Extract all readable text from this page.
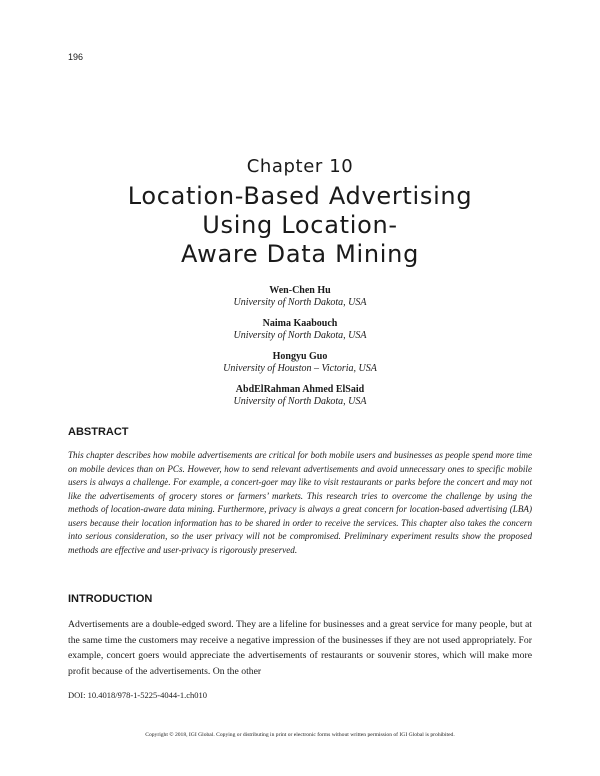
196
Chapter 10
Location-Based Advertising
Using Location-
Aware Data Mining
Wen-Chen Hu
University of North Dakota, USA
Naima Kaabouch
University of North Dakota, USA
Hongyu Guo
University of Houston – Victoria, USA
AbdElRahman Ahmed ElSaid
University of North Dakota, USA
ABSTRACT
This chapter describes how mobile advertisements are critical for both mobile users and businesses as people spend more time on mobile devices than on PCs. However, how to send relevant advertisements and avoid unnecessary ones to specific mobile users is always a challenge. For example, a concert-goer may like to visit restaurants or parks before the concert and may not like the advertisements of grocery stores or farmers’ markets. This research tries to overcome the challenge by using the methods of location-aware data mining. Furthermore, privacy is always a great concern for location-based advertising (LBA) users because their location information has to be shared in order to receive the services. This chapter also takes the concern into serious consideration, so the user privacy will not be compromised. Preliminary experiment results show the proposed methods are effective and user-privacy is rigorously preserved.
INTRODUCTION
Advertisements are a double-edged sword. They are a lifeline for businesses and a great service for many people, but at the same time the customers may receive a negative impression of the businesses if they are not used appropriately. For example, concert goers would appreciate the advertisements of restaurants or souvenir stores, which will make more profit because of the advertisements. On the other
DOI: 10.4018/978-1-5225-4044-1.ch010
Copyright © 2018, IGI Global. Copying or distributing in print or electronic forms without written permission of IGI Global is prohibited.
